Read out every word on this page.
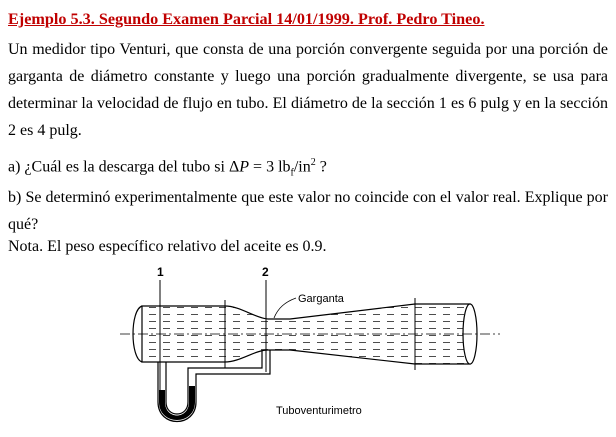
Ejemplo 5.3. Segundo Examen Parcial 14/01/1999. Prof. Pedro Tineo.
Un medidor tipo Venturi, que consta de una porción convergente seguida por una porción de garganta de diámetro constante y luego una porción gradualmente divergente, se usa para determinar la velocidad de flujo en tubo. El diámetro de la sección 1 es 6 pulg y en la sección 2 es 4 pulg.
a) ¿Cuál es la descarga del tubo si ΔP = 3 $lb_f/in^2$ ?
b) Se determinó experimentalmente que este valor no coincide con el valor real. Explique por qué?
Nota. El peso específico relativo del aceite es 0.9.
1	2
Garganta
Tuboventurimetro
